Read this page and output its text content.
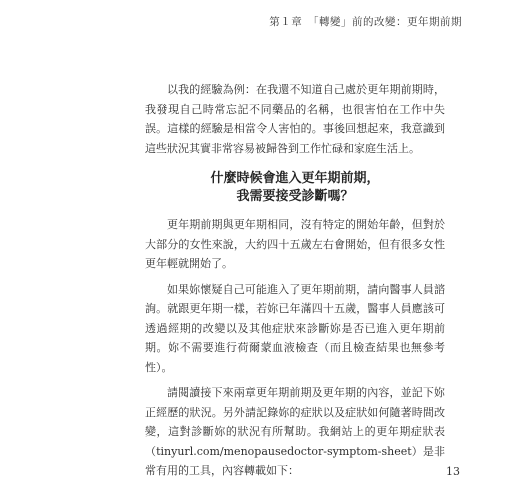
第１章　「轉變」前的改變：更年期前期

以我的經驗為例：在我還不知道自己處於更年期前期時，我發現自己時常忘記不同藥品的名稱，也很害怕在工作中失誤。這樣的經驗是相當令人害怕的。事後回想起來，我意識到這些狀況其實非常容易被歸咎到工作忙碌和家庭生活上。

什麼時候會進入更年期前期，
我需要接受診斷嗎？

更年期前期與更年期相同，沒有特定的開始年齡，但對於大部分的女性來說，大約四十五歲左右會開始，但有很多女性更年輕就開始了。

如果妳懷疑自己可能進入了更年期前期，請向醫事人員諮詢。就跟更年期一樣，若妳已年滿四十五歲，醫事人員應該可透過經期的改變以及其他症狀來診斷妳是否已進入更年期前期。妳不需要進行荷爾蒙血液檢查（而且檢查結果也無參考性）。

請閱讀接下來兩章更年期前期及更年期的內容，並記下妳正經歷的狀況。另外請記錄妳的症狀以及症狀如何隨著時間改變，這對診斷妳的狀況有所幫助。我網站上的更年期症狀表（tinyurl.com/menopausedoctor-symptom-sheet）是非常有用的工具，內容轉載如下：	13
